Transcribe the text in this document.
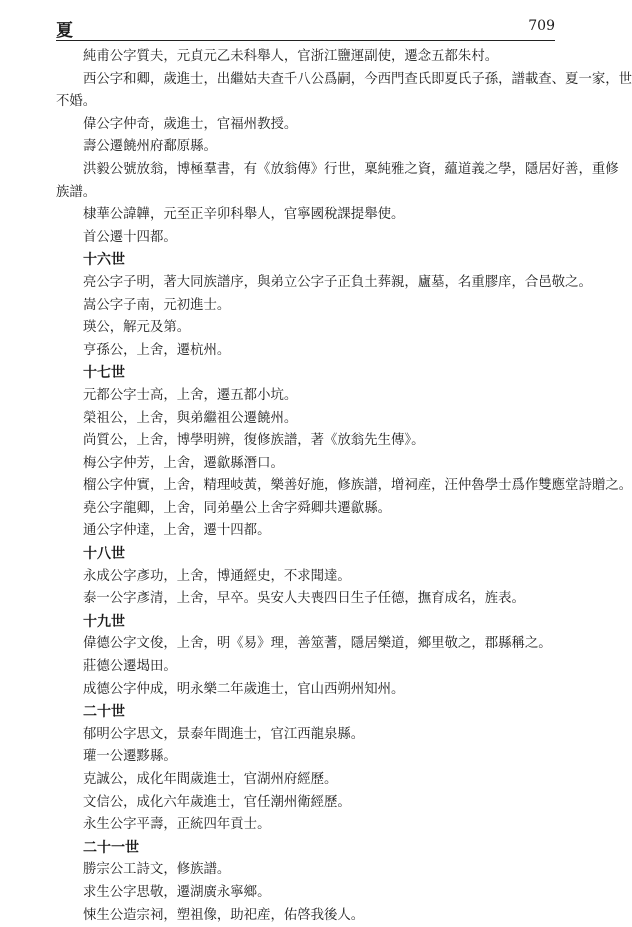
夏	709
純甫公字質夫，元貞元乙未科舉人，官浙江鹽運副使，遷念五都朱村。
西公字和卿，歲進士，出繼姑夫查千八公爲嗣，今西門查氏即夏氏子孫，譜載查、夏一家，世
不婚。
偉公字仲奇，歲進士，官福州教授。
壽公遷饒州府鄱原縣。
洪毅公號放翁，博極羣書，有《放翁傳》行世，稟純雅之資，蘊道義之學，隱居好善，重修
族譜。
棣華公諱韡，元至正辛卯科舉人，官寧國稅課提舉使。
首公遷十四都。
十六世
亮公字子明，著大同族譜序，與弟立公字子正負土葬親，廬墓，名重膠庠，合邑敬之。
嵩公字子南，元初進士。
瑛公，解元及第。
亨孫公，上舍，遷杭州。
十七世
元都公字士高，上舍，遷五都小坑。
榮祖公，上舍，與弟繼祖公遷饒州。
尚質公，上舍，博學明辨，復修族譜，著《放翁先生傳》。
梅公字仲芳，上舍，遷歙縣潛口。
榴公字仲實，上舍，精理岐黃，樂善好施，修族譜，增祠産，汪仲魯學士爲作雙應堂詩贈之。
堯公字龍卿，上舍，同弟壘公上舍字舜卿共遷歙縣。
通公字仲達，上舍，遷十四都。
十八世
永成公字彥功，上舍，博通經史，不求聞達。
泰一公字彥清，上舍，早卒。吳安人夫喪四日生子任德，撫育成名，旌表。
十九世
偉德公字文俊，上舍，明《易》理，善筮蓍，隱居樂道，鄉里敬之，郡縣稱之。
莊德公遷堨田。
成德公字仲成，明永樂二年歲進士，官山西朔州知州。
二十世
郁明公字思文，景泰年間進士，官江西龍泉縣。
瓘一公遷黟縣。
克誠公，成化年間歲進士，官湖州府經歷。
文信公，成化六年歲進士，官任潮州衛經歷。
永生公字平壽，正統四年貢士。
二十一世
勝宗公工詩文，修族譜。
求生公字思敬，遷湖廣永寧鄉。
悚生公造宗祠，塑祖像，助祀産，佑啓我後人。
